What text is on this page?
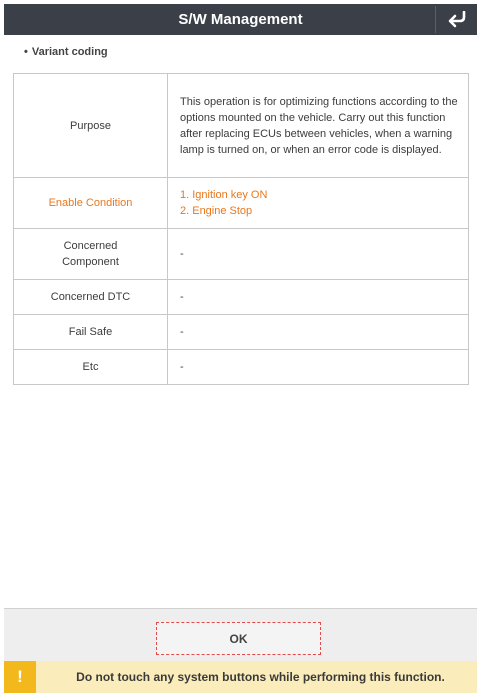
S/W Management
• Variant coding
Purpose	This operation is for optimizing functions according to the options mounted on the vehicle. Carry out this function after replacing ECUs between vehicles, when a warning lamp is turned on, or when an error code is displayed.
Enable Condition	1. Ignition key ON
2. Engine Stop

Concerned
Component	-
Concerned DTC	-
Fail Safe	-
Etc	-
OK
!	Do not touch any system buttons while performing this function.
